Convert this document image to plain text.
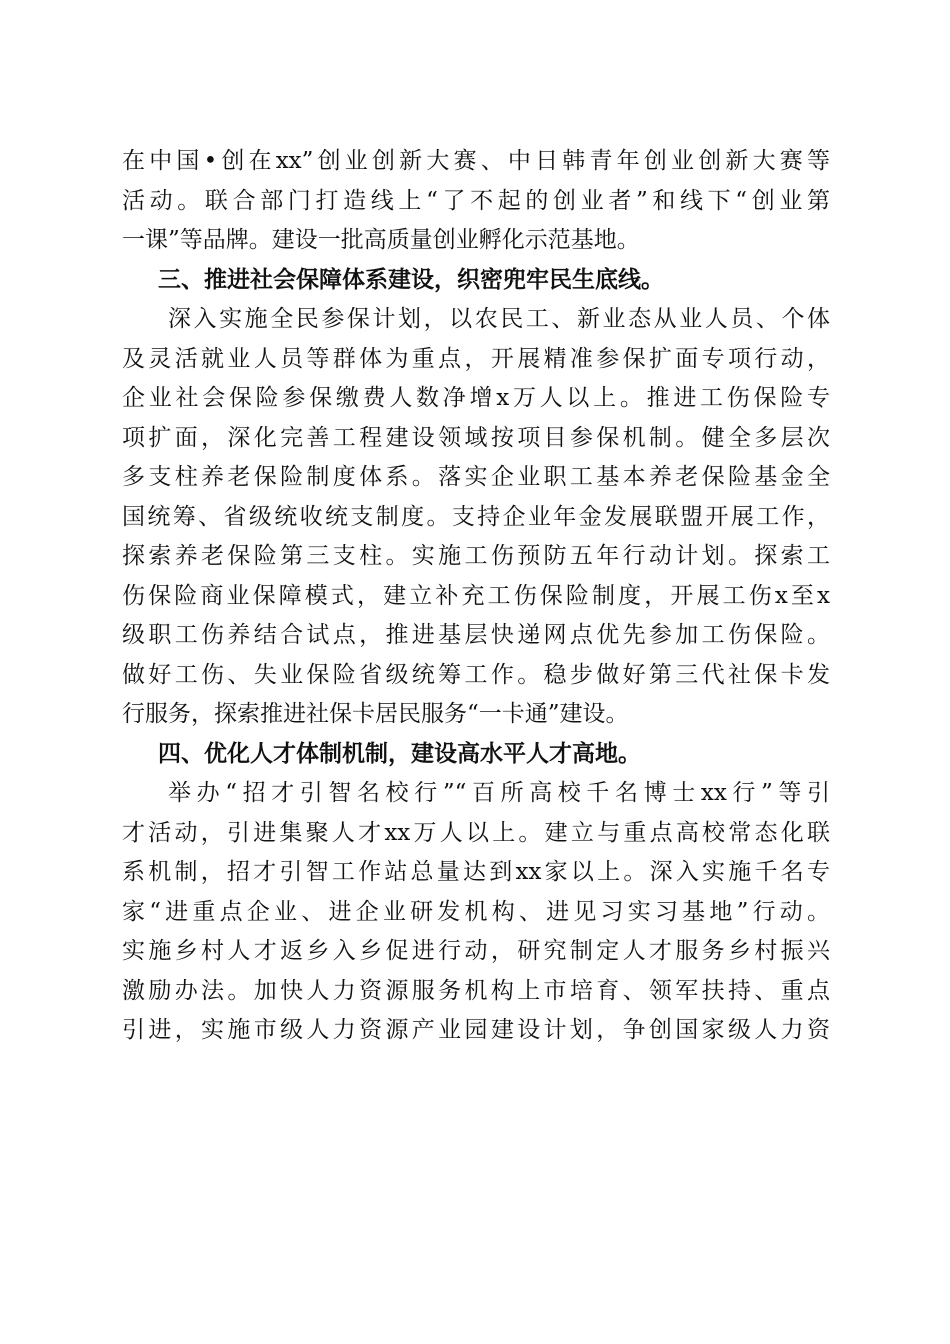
在中国•创在xx”创业创新大赛、中日韩青年创业创新大赛等
活动。联合部门打造线上“了不起的创业者”和线下“创业第
一课”等品牌。建设一批高质量创业孵化示范基地。
三、推进社会保障体系建设，织密兜牢民生底线。
深入实施全民参保计划，以农民工、新业态从业人员、个体
及灵活就业人员等群体为重点，开展精准参保扩面专项行动，
企业社会保险参保缴费人数净增x万人以上。推进工伤保险专
项扩面，深化完善工程建设领域按项目参保机制。健全多层次
多支柱养老保险制度体系。落实企业职工基本养老保险基金全
国统筹、省级统收统支制度。支持企业年金发展联盟开展工作，
探索养老保险第三支柱。实施工伤预防五年行动计划。探索工
伤保险商业保障模式，建立补充工伤保险制度，开展工伤x至x
级职工伤养结合试点，推进基层快递网点优先参加工伤保险。
做好工伤、失业保险省级统筹工作。稳步做好第三代社保卡发
行服务，探索推进社保卡居民服务“一卡通”建设。
四、优化人才体制机制，建设高水平人才高地。
举办“招才引智名校行”“百所高校千名博士xx行”等引
才活动，引进集聚人才xx万人以上。建立与重点高校常态化联
系机制，招才引智工作站总量达到xx家以上。深入实施千名专
家“进重点企业、进企业研发机构、进见习实习基地”行动。
实施乡村人才返乡入乡促进行动，研究制定人才服务乡村振兴
激励办法。加快人力资源服务机构上市培育、领军扶持、重点
引进，实施市级人力资源产业园建设计划，争创国家级人力资
